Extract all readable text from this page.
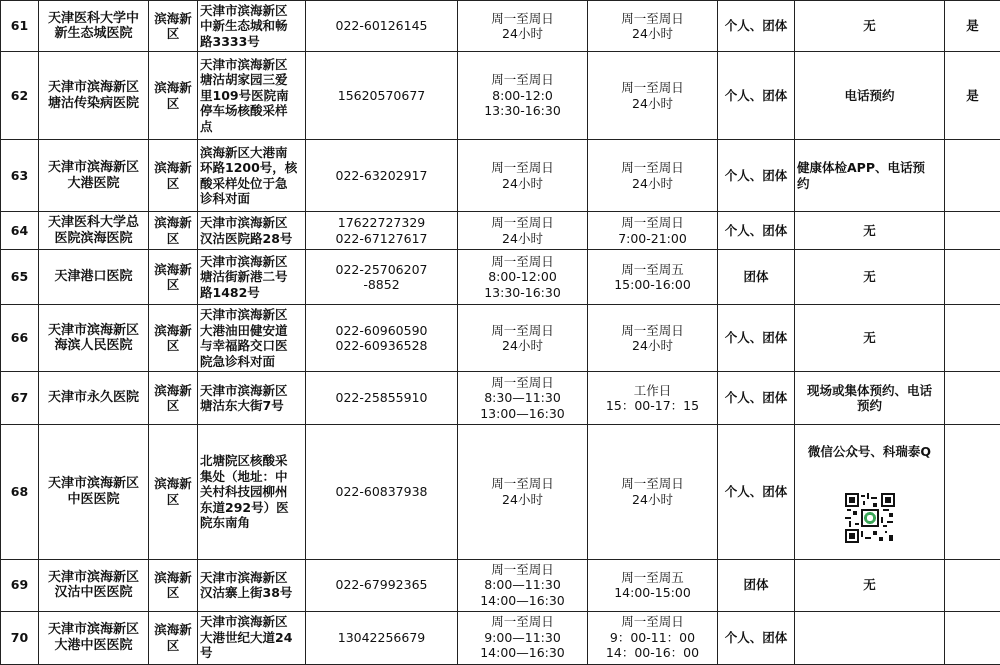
61	天津医科大学中
新生态城医院	滨海新
区	天津市滨海新区
中新生态城和畅
路3333号	022-60126145	周一至周日
24小时	周一至周日
24小时	个人、团体	无	是
62	天津市滨海新区
塘沽传染病医院	滨海新
区	天津市滨海新区
塘沽胡家园三爱
里109号医院南
停车场核酸采样
点	15620570677	周一至周日
8:00-12:0
13:30-16:30	周一至周日
24小时	个人、团体	电话预约	是
63	天津市滨海新区
大港医院	滨海新
区	滨海新区大港南
环路1200号，核
酸采样处位于急
诊科对面	022-63202917	周一至周日
24小时	周一至周日
24小时	个人、团体	健康体检APP、电话预
约	
64	天津医科大学总
医院滨海医院	滨海新
区	天津市滨海新区
汉沽医院路28号	17622727329
022-67127617	周一至周日
24小时	周一至周日
7:00-21:00	个人、团体	无	
65	天津港口医院	滨海新
区	天津市滨海新区
塘沽街新港二号
路1482号	022-25706207
-8852	周一至周日
8:00-12:00
13:30-16:30	周一至周五
15:00-16:00	团体	无	
66	天津市滨海新区
海滨人民医院	滨海新
区	天津市滨海新区
大港油田健安道
与幸福路交口医
院急诊科对面	022-60960590
022-60936528	周一至周日
24小时	周一至周日
24小时	个人、团体	无	
67	天津市永久医院	滨海新
区	天津市滨海新区
塘沽东大街7号	022-25855910	周一至周日
8:30—11:30
13:00—16:30	工作日
15：00-17：15	个人、团体	现场或集体预约、电话
预约	
68	天津市滨海新区
中医医院	滨海新
区	北塘院区核酸采
集处（地址：中
关村科技园柳州
东道292号）医
院东南角	022-60837938	周一至周日
24小时	周一至周日
24小时	个人、团体	微信公众号、科瑞泰Q	

69	天津市滨海新区
汉沽中医医院	滨海新
区	天津市滨海新区
汉沽寨上街38号	022-67992365	周一至周日
8:00—11:30
14:00—16:30	周一至周五
14:00-15:00	团体	无	
70	天津市滨海新区
大港中医医院	滨海新
区	天津市滨海新区
大港世纪大道24
号	13042256679	周一至周日
9:00—11:30
14:00—16:30	周一至周日
9：00-11：00
14：00-16：00	个人、团体		
